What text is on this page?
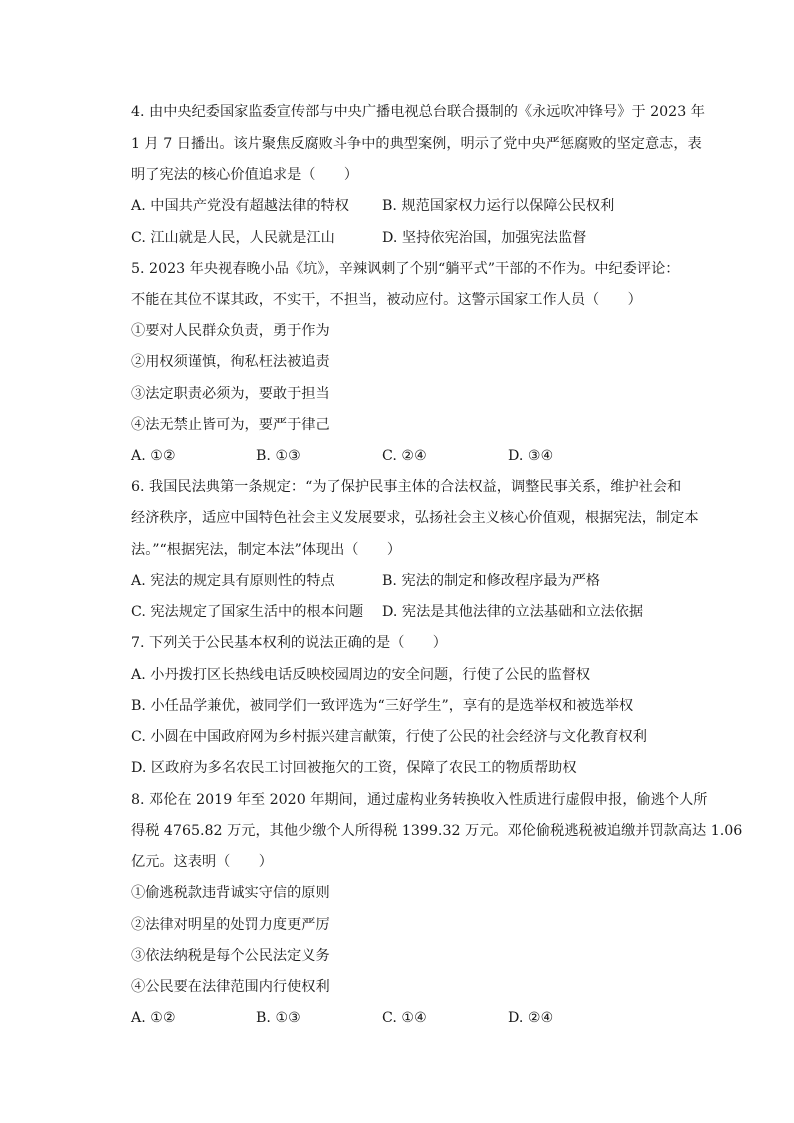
4. 由中央纪委国家监委宣传部与中央广播电视总台联合摄制的《永远吹冲锋号》于 2023 年
1 月 7 日播出。该片聚焦反腐败斗争中的典型案例，明示了党中央严惩腐败的坚定意志，表
明了宪法的核心价值追求是（　　）
A. 中国共产党没有超越法律的特权 B. 规范国家权力运行以保障公民权利
C. 江山就是人民，人民就是江山	D. 坚持依宪治国，加强宪法监督
5. 2023 年央视春晚小品《坑》，辛辣讽刺了个别“躺平式”干部的不作为。中纪委评论：
不能在其位不谋其政，不实干，不担当，被动应付。这警示国家工作人员（　　）
①要对人民群众负责，勇于作为
②用权须谨慎，徇私枉法被追责
③法定职责必须为，要敢于担当
④法无禁止皆可为，要严于律己
A. ①②	B. ①③	C. ②④	D. ③④
6. 我国民法典第一条规定：“为了保护民事主体的合法权益，调整民事关系，维护社会和
经济秩序，适应中国特色社会主义发展要求，弘扬社会主义核心价值观，根据宪法，制定本
法。”“根据宪法，制定本法”体现出（　　）
A. 宪法的规定具有原则性的特点	B. 宪法的制定和修改程序最为严格
C. 宪法规定了国家生活中的根本问题 D. 宪法是其他法律的立法基础和立法依据
7. 下列关于公民基本权利的说法正确的是（　　）
A. 小丹拨打区长热线电话反映校园周边的安全问题，行使了公民的监督权
B. 小任品学兼优，被同学们一致评选为“三好学生”，享有的是选举权和被选举权
C. 小圆在中国政府网为乡村振兴建言献策，行使了公民的社会经济与文化教育权利
D. 区政府为多名农民工讨回被拖欠的工资，保障了农民工的物质帮助权
8. 邓伦在 2019 年至 2020 年期间，通过虚构业务转换收入性质进行虚假申报，偷逃个人所
得税 4765.82 万元，其他少缴个人所得税 1399.32 万元。邓伦偷税逃税被追缴并罚款高达 1.06
亿元。这表明（　　）
①偷逃税款违背诚实守信的原则
②法律对明星的处罚力度更严厉
③依法纳税是每个公民法定义务
④公民要在法律范围内行使权利
A. ①②	B. ①③	C. ①④	D. ②④
